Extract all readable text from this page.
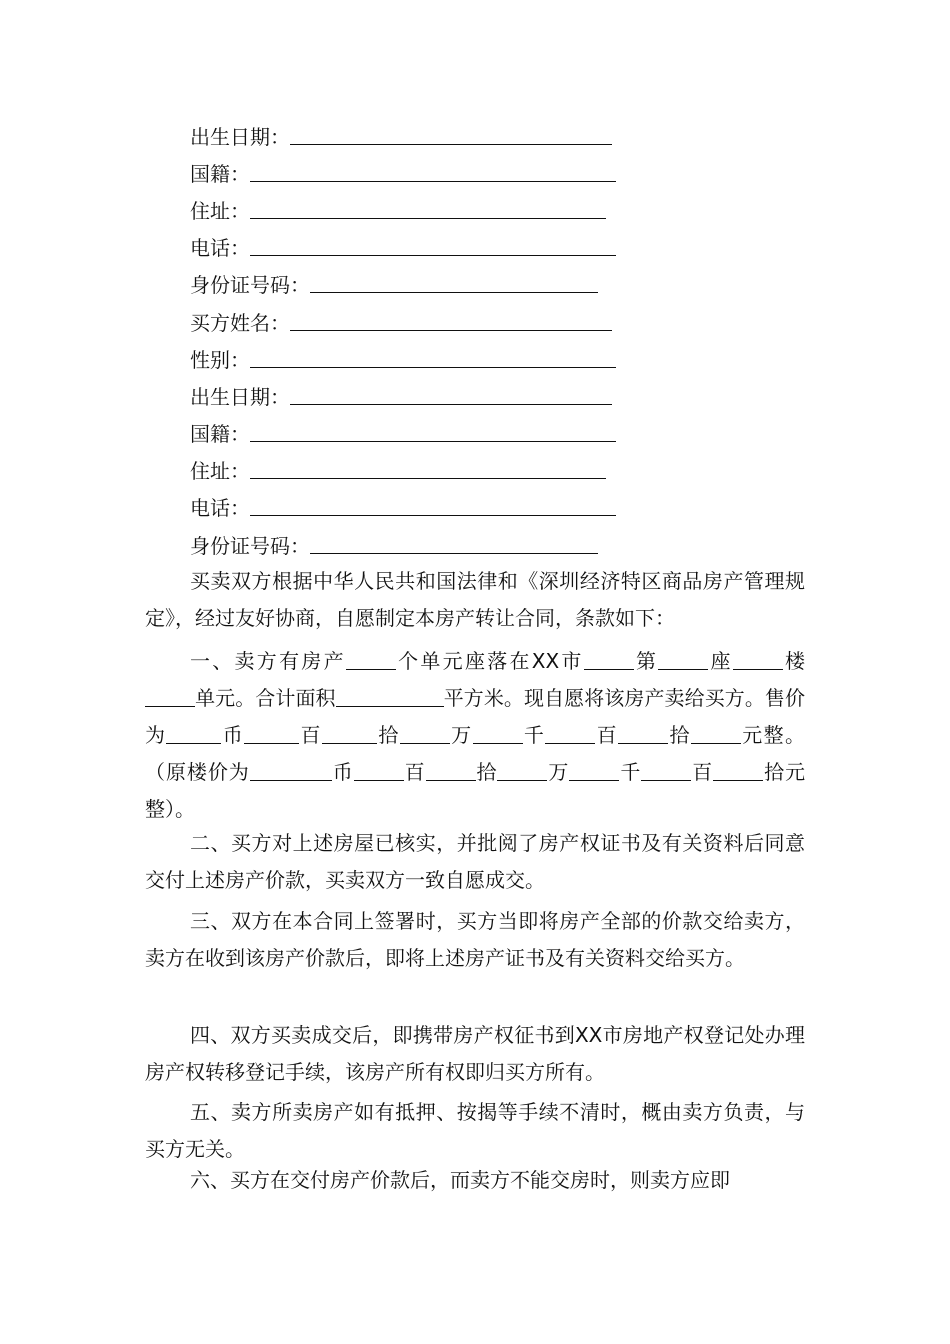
出生日期：
国籍：
住址：
电话：
身份证号码：
买方姓名：
性别：
出生日期：
国籍：
住址：
电话：
身份证号码：

买卖双方根据中华人民共和国法律和《深圳经济特区商品房产管理规定》，经过友好协商，自愿制定本房产转让合同，条款如下：

一、卖方有房产	个单元座落在XX市	第	座	楼单元。合计面积	平方米。现自愿将该房产卖给买方。售价为	币	百	拾	万	千	百	拾	元整。（原楼价为	币	百	拾	万	千	百	拾元整）。

二、买方对上述房屋已核实，并批阅了房产权证书及有关资料后同意交付上述房产价款，买卖双方一致自愿成交。

三、双方在本合同上签署时，买方当即将房产全部的价款交给卖方，卖方在收到该房产价款后，即将上述房产证书及有关资料交给买方。

四、双方买卖成交后，即携带房产权征书到XX市房地产权登记处办理房产权转移登记手续，该房产所有权即归买方所有。

五、卖方所卖房产如有抵押、按揭等手续不清时，概由卖方负责，与买方无关。

六、买方在交付房产价款后，而卖方不能交房时，则卖方应即
